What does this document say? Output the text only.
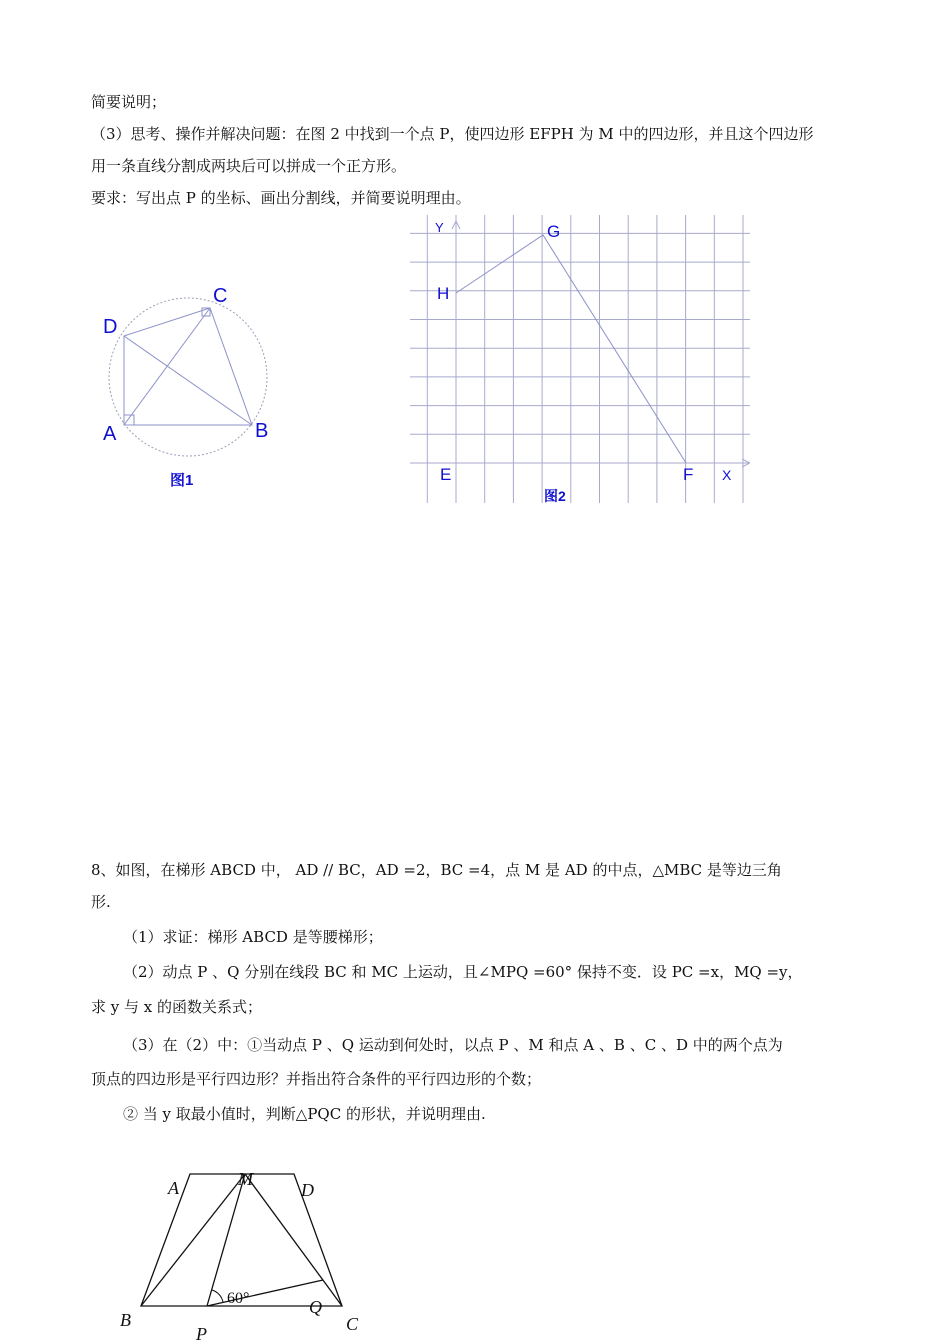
简要说明；
（3）思考、操作并解决问题：在图 2 中找到一个点 P，使四边形 EFPH 为 M 中的四边形，并且这个四边形
用一条直线分割成两块后可以拼成一个正方形。
要求：写出点 P 的坐标、画出分割线，并简要说明理由。
C
D
A	B
图1
Y	G
H
E	F X
图2
8、如图，在梯形 ABCD 中， AD // BC，AD =2，BC =4，点 M 是 AD 的中点，△MBC 是等边三角
形.
（1）求证：梯形 ABCD 是等腰梯形；
（2）动点 P 、Q 分别在线段 BC 和 MC 上运动，且∠MPQ =60° 保持不变．设 PC =x，MQ =y，
求 y 与 x 的函数关系式；
（3）在（2）中：①当动点 P 、Q 运动到何处时，以点 P 、M 和点 A 、B 、C 、D 中的两个点为
顶点的四边形是平行四边形？并指出符合条件的平行四边形的个数；
② 当 y 取最小值时，判断△PQC 的形状，并说明理由.
A	M
D
B	C
P
Q
60°
